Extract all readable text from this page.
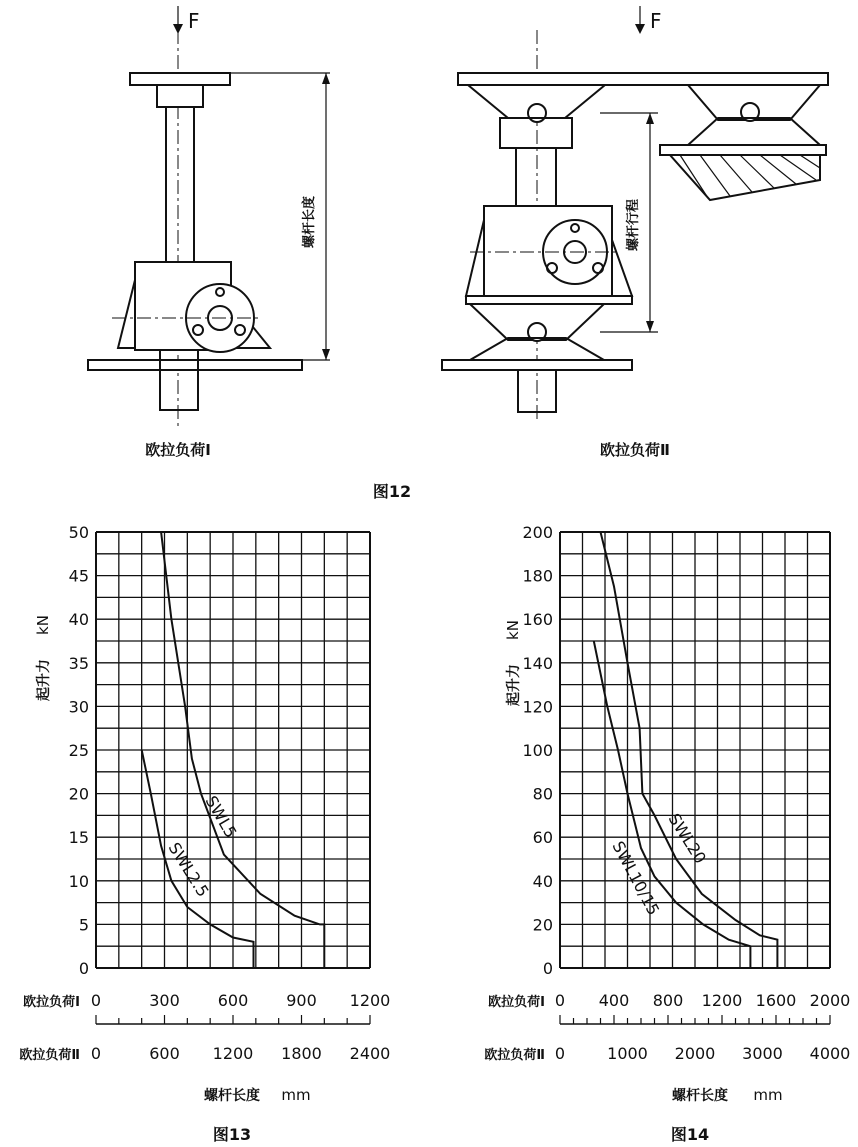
F
螺杆长度
欧拉负荷Ⅰ
F
螺杆行程
欧拉负荷Ⅱ
图12
0
5
10
15
20
25
30
35
40
45
50
起升力
kN
SWL5
SWL2.5
欧拉负荷Ⅰ 0	300 600 900 1200
欧拉负荷Ⅱ 0	600 1200 1800 2400
螺杆长度 mm
图13
0
20
40
60
80
100
120
140
160
180
200
起升力
kN
SWL20
SWL10/15
欧拉负荷Ⅰ 0 400 800 1200 1600 2000
欧拉负荷Ⅱ 0	1000 2000 3000 4000
螺杆长度 mm
图14
